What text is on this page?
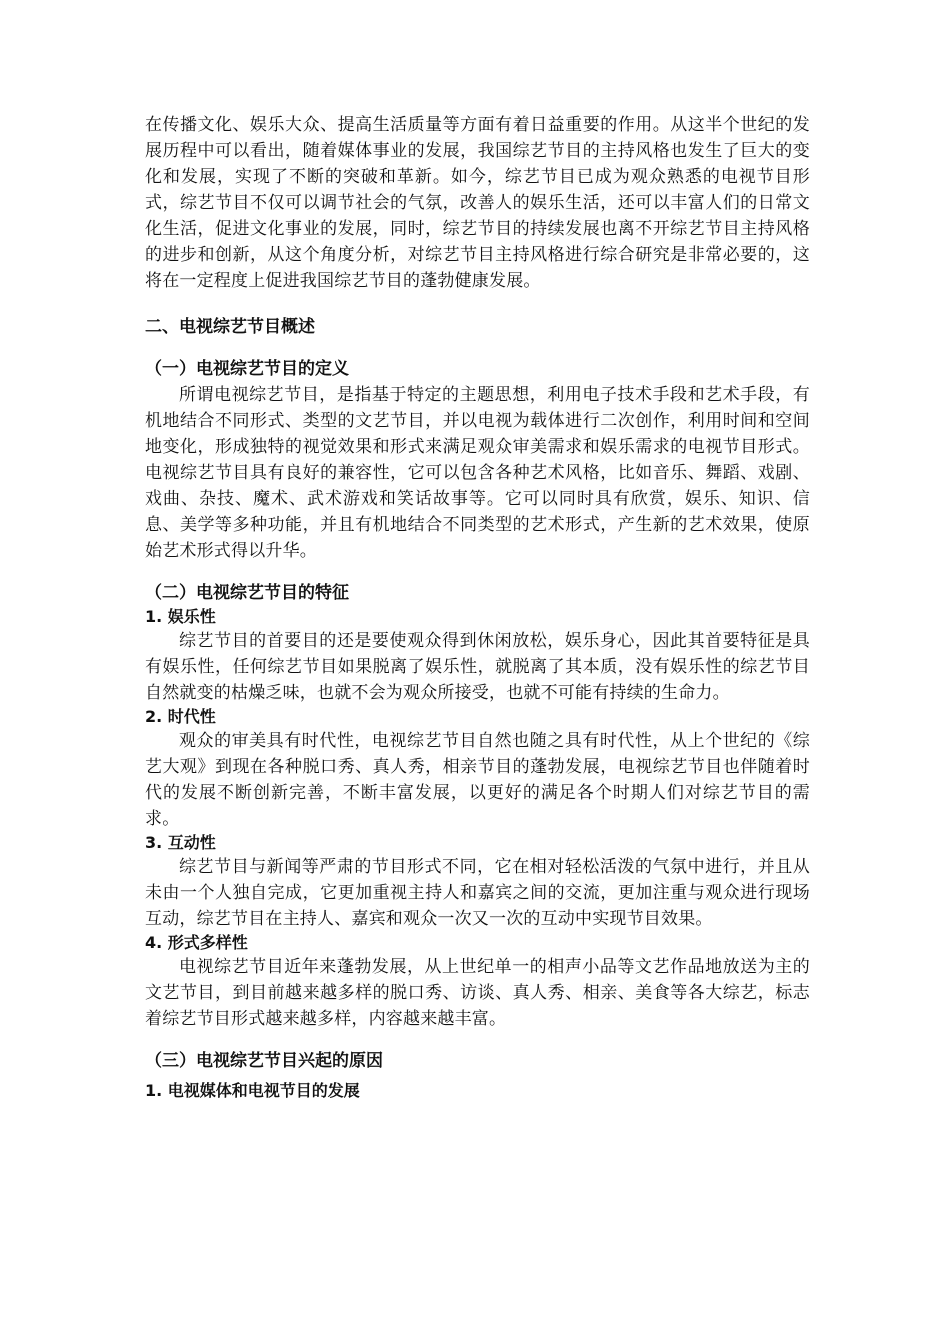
在传播文化、娱乐大众、提高生活质量等方面有着日益重要的作用。从这半个世纪的发展历程中可以看出，随着媒体事业的发展，我国综艺节目的主持风格也发生了巨大的变化和发展，实现了不断的突破和革新。如今，综艺节目已成为观众熟悉的电视节目形式，综艺节目不仅可以调节社会的气氛，改善人的娱乐生活，还可以丰富人们的日常文化生活，促进文化事业的发展，同时，综艺节目的持续发展也离不开综艺节目主持风格的进步和创新，从这个角度分析，对综艺节目主持风格进行综合研究是非常必要的，这将在一定程度上促进我国综艺节目的蓬勃健康发展。

二、电视综艺节目概述
（一）电视综艺节目的定义

所谓电视综艺节目，是指基于特定的主题思想，利用电子技术手段和艺术手段，有机地结合不同形式、类型的文艺节目，并以电视为载体进行二次创作，利用时间和空间地变化，形成独特的视觉效果和形式来满足观众审美需求和娱乐需求的电视节目形式。电视综艺节目具有良好的兼容性，它可以包含各种艺术风格，比如音乐、舞蹈、戏剧、戏曲、杂技、魔术、武术游戏和笑话故事等。它可以同时具有欣赏，娱乐、知识、信息、美学等多种功能，并且有机地结合不同类型的艺术形式，产生新的艺术效果，使原始艺术形式得以升华。

（二）电视综艺节目的特征
1. 娱乐性

综艺节目的首要目的还是要使观众得到休闲放松，娱乐身心，因此其首要特征是具有娱乐性，任何综艺节目如果脱离了娱乐性，就脱离了其本质，没有娱乐性的综艺节目自然就变的枯燥乏味，也就不会为观众所接受，也就不可能有持续的生命力。

2. 时代性

观众的审美具有时代性，电视综艺节目自然也随之具有时代性，从上个世纪的《综艺大观》到现在各种脱口秀、真人秀，相亲节目的蓬勃发展，电视综艺节目也伴随着时代的发展不断创新完善，不断丰富发展，以更好的满足各个时期人们对综艺节目的需求。

3. 互动性

综艺节目与新闻等严肃的节目形式不同，它在相对轻松活泼的气氛中进行，并且从未由一个人独自完成，它更加重视主持人和嘉宾之间的交流，更加注重与观众进行现场互动，综艺节目在主持人、嘉宾和观众一次又一次的互动中实现节目效果。

4. 形式多样性

电视综艺节目近年来蓬勃发展，从上世纪单一的相声小品等文艺作品地放送为主的文艺节目，到目前越来越多样的脱口秀、访谈、真人秀、相亲、美食等各大综艺，标志着综艺节目形式越来越多样，内容越来越丰富。

（三）电视综艺节目兴起的原因
1. 电视媒体和电视节目的发展
